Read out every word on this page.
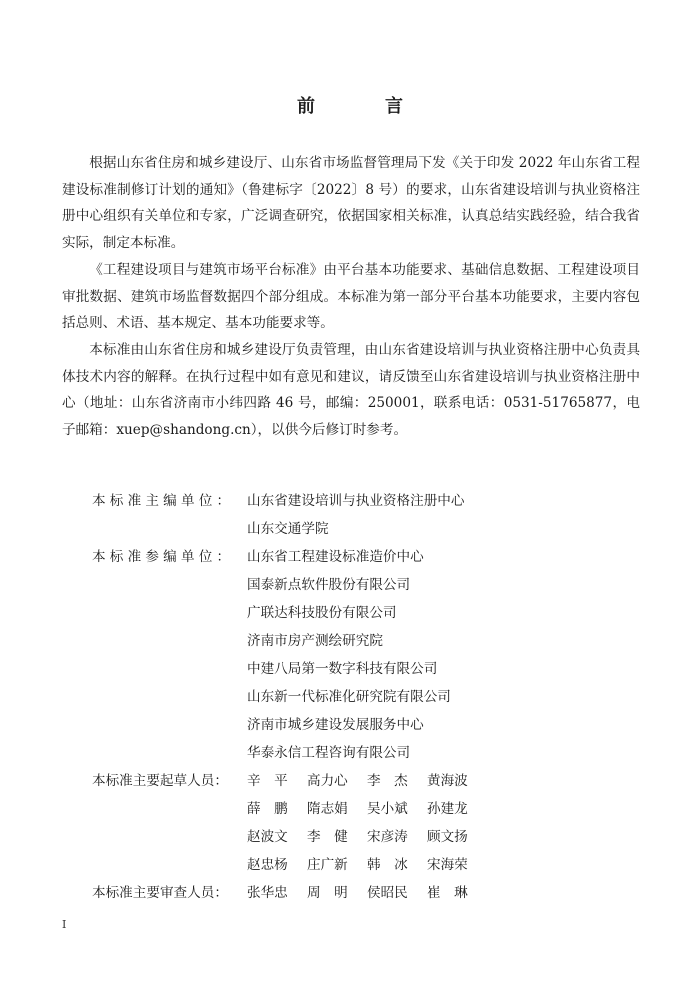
前　言

根据山东省住房和城乡建设厅、山东省市场监督管理局下发《关于印发 2022 年山东省工程建设标准制修订计划的通知》（鲁建标字〔2022〕8 号）的要求，山东省建设培训与执业资格注册中心组织有关单位和专家，广泛调查研究，依据国家相关标准，认真总结实践经验，结合我省实际，制定本标准。

《工程建设项目与建筑市场平台标准》由平台基本功能要求、基础信息数据、工程建设项目审批数据、建筑市场监督数据四个部分组成。本标准为第一部分平台基本功能要求，主要内容包括总则、术语、基本规定、基本功能要求等。

本标准由山东省住房和城乡建设厅负责管理，由山东省建设培训与执业资格注册中心负责具体技术内容的解释。在执行过程中如有意见和建议，请反馈至山东省建设培训与执业资格注册中心（地址：山东省济南市小纬四路 46 号，邮编：250001，联系电话：0531-51765877，电子邮箱：xuep@shandong.cn），以供今后修订时参考。

本标准主编单位： 山东省建设培训与执业资格注册中心
山东交通学院
本标准参编单位： 山东省工程建设标准造价中心
国泰新点软件股份有限公司
广联达科技股份有限公司
济南市房产测绘研究院
中建八局第一数字科技有限公司
山东新一代标准化研究院有限公司
济南市城乡建设发展服务中心
华泰永信工程咨询有限公司
本标准主要起草人员：	辛　平	高力心	李　杰	黄海波
薛　鹏	隋志娟	吴小斌	孙建龙
赵波文	李　健	宋彦涛	顾文扬
赵忠杨	庄广新	韩　冰	宋海荣
本标准主要审查人员：	张华忠	周　明	侯昭民	崔　琳
I
